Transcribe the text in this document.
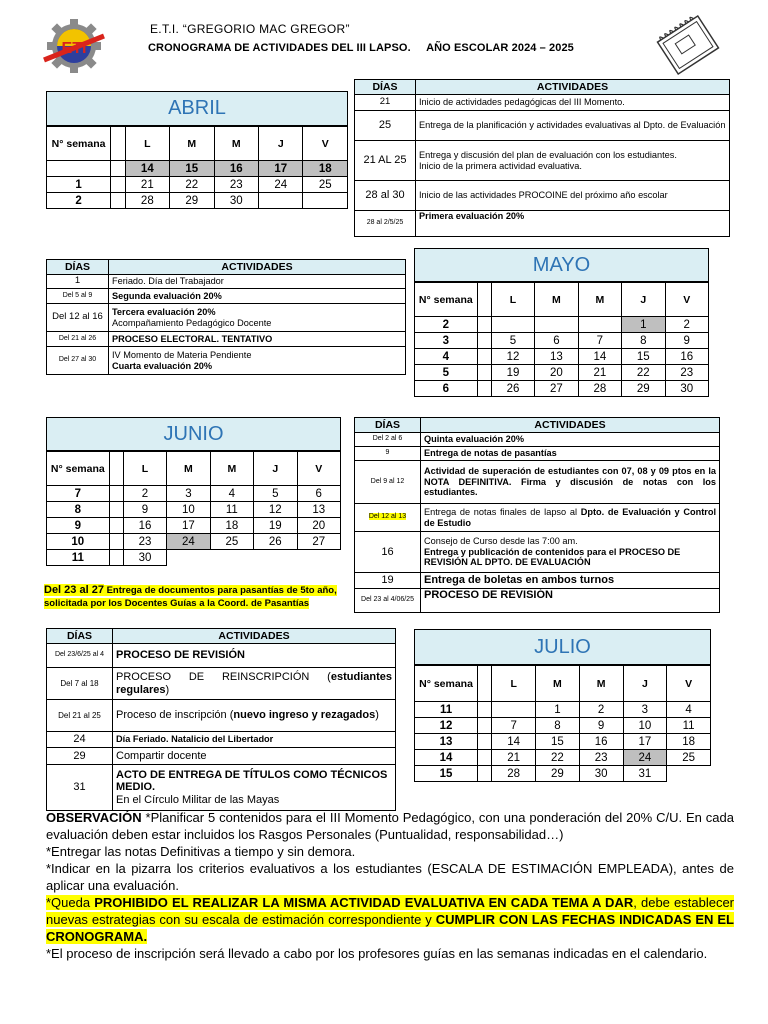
ETI
E.T.I. “GREGORIO MAC GREGOR”
CRONOGRAMA DE ACTIVIDADES DEL III LAPSO.     AÑO ESCOLAR 2024 – 2025
ABRIL
N° semana		L	M	M	J	V
		14	15	16	17	18
1		21	22	23	24	25
2		28	29	30		
DÍAS	ACTIVIDADES
21	Inicio de actividades pedagógicas del III Momento.
25	Entrega de la planificación y actividades evaluativas al Dpto. de Evaluación
21 AL 25	Entrega y discusión del plan de evaluación con los estudiantes.
Inicio de la primera actividad evaluativa.

28 al 30	Inicio de las actividades PROCOINE del próximo año escolar
28 al 2/5/25	Primera evaluación 20%
DÍAS	ACTIVIDADES
1	Feriado. Día del Trabajador
Del 5 al 9	Segunda evaluación 20%
Del 12 al 16	Tercera evaluación 20%
Acompañamiento Pedagógico Docente

Del 21 al 26	PROCESO ELECTORAL. TENTATIVO
Del 27 al 30	IV Momento de Materia Pendiente
Cuarta evaluación 20%
MAYO
N° semana		L	M	M	J	V
2					1	2
3		5	6	7	8	9
4		12	13	14	15	16
5		19	20	21	22	23
6		26	27	28	29	30
JUNIO
N° semana		L	M	M	J	V
7		2	3	4	5	6
8		9	10	11	12	13
9		16	17	18	19	20
10		23	24	25	26	27
11		30				
DÍAS	ACTIVIDADES
Del 2 al 6	Quinta evaluación 20%
9	Entrega de notas de pasantías
Del 9 al 12	Actividad de superación de estudiantes con 07, 08 y 09 ptos en la NOTA DEFINITIVA. Firma y discusión de notas con los estudiantes.
Del 12 al 13	Entrega de notas finales de lapso al Dpto. de Evaluación y Control de Estudio
16	Consejo de Curso desde las 7:00 am.
Entrega y publicación de contenidos para el PROCESO DE REVISIÓN AL DPTO. DE EVALUACIÓN

19	Entrega de boletas en ambos turnos
Del 23 al 4/06/25	PROCESO DE REVISIÓN
Del 23 al 27 Entrega de documentos para pasantías de 5to año, solicitada por los Docentes Guías a la Coord. de Pasantías
DÍAS	ACTIVIDADES
Del 23/6/25 al 4	PROCESO DE REVISIÓN
Del 7 al 18	PROCESO DE REINSCRIPCIÓN (estudiantes regulares)
Del 21 al 25	Proceso de inscripción (nuevo ingreso y rezagados)
24	Día Feriado. Natalicio del Libertador
29	Compartir docente
31	ACTO DE ENTREGA DE TÍTULOS COMO TÉCNICOS MEDIO.
En el Círculo Militar de las Mayas
JULIO
N° semana		L	M	M	J	V
11			1	2	3	4
12		7	8	9	10	11
13		14	15	16	17	18
14		21	22	23	24	25
15		28	29	30	31	

OBSERVACIÓN *Planificar 5 contenidos para el III Momento Pedagógico, con una ponderación del 20% C/U. En cada evaluación deben estar incluidos los Rasgos Personales (Puntualidad, responsabilidad…)

*Entregar las notas Definitivas a tiempo y sin demora.

*Indicar en la pizarra los criterios evaluativos a los estudiantes (ESCALA DE ESTIMACIÓN EMPLEADA), antes de aplicar una evaluación.

*Queda PROHIBIDO EL REALIZAR LA MISMA ACTIVIDAD EVALUATIVA EN CADA TEMA A DAR, debe establecer nuevas estrategias con su escala de estimación correspondiente y CUMPLIR CON LAS FECHAS INDICADAS EN EL CRONOGRAMA.

*El proceso de inscripción será llevado a cabo por los profesores guías en las semanas indicadas en el calendario.
